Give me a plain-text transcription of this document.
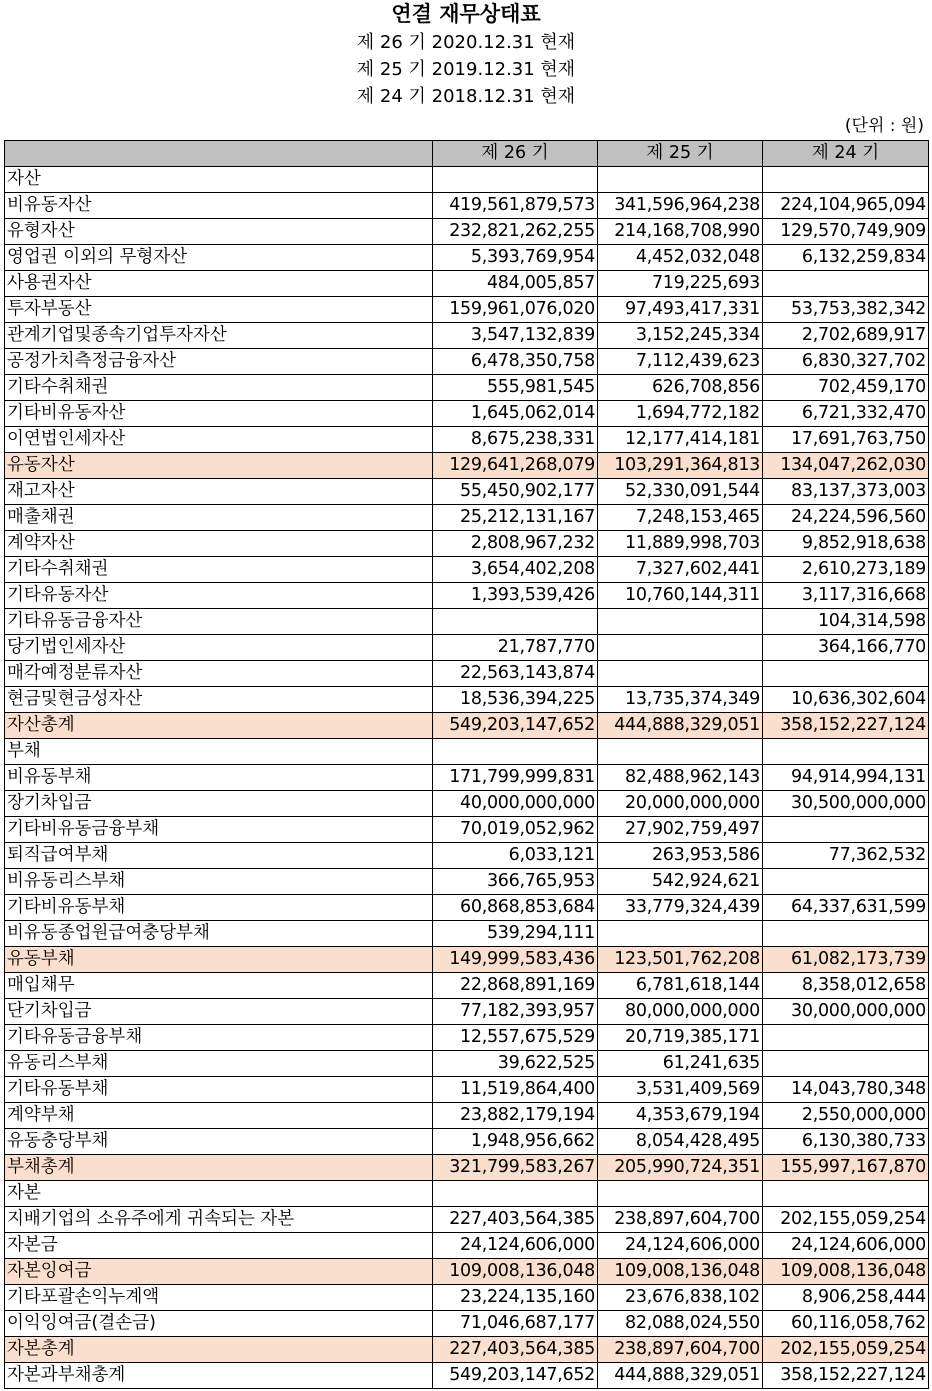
연결 재무상태표
제 26 기 2020.12.31 현재
제 25 기 2019.12.31 현재
제 24 기 2018.12.31 현재
(단위 : 원)
	제 26 기	제 25 기	제 24 기
자산			
비유동자산	419,561,879,573	341,596,964,238	224,104,965,094
유형자산	232,821,262,255	214,168,708,990	129,570,749,909
영업권 이외의 무형자산	5,393,769,954	4,452,032,048	6,132,259,834
사용권자산	484,005,857	719,225,693	
투자부동산	159,961,076,020	97,493,417,331	53,753,382,342
관계기업및종속기업투자자산	3,547,132,839	3,152,245,334	2,702,689,917
공정가치측정금융자산	6,478,350,758	7,112,439,623	6,830,327,702
기타수취채권	555,981,545	626,708,856	702,459,170
기타비유동자산	1,645,062,014	1,694,772,182	6,721,332,470
이연법인세자산	8,675,238,331	12,177,414,181	17,691,763,750
유동자산	129,641,268,079	103,291,364,813	134,047,262,030
재고자산	55,450,902,177	52,330,091,544	83,137,373,003
매출채권	25,212,131,167	7,248,153,465	24,224,596,560
계약자산	2,808,967,232	11,889,998,703	9,852,918,638
기타수취채권	3,654,402,208	7,327,602,441	2,610,273,189
기타유동자산	1,393,539,426	10,760,144,311	3,117,316,668
기타유동금융자산			104,314,598
당기법인세자산	21,787,770		364,166,770
매각예정분류자산	22,563,143,874		
현금및현금성자산	18,536,394,225	13,735,374,349	10,636,302,604
자산총계	549,203,147,652	444,888,329,051	358,152,227,124
부채			
비유동부채	171,799,999,831	82,488,962,143	94,914,994,131
장기차입금	40,000,000,000	20,000,000,000	30,500,000,000
기타비유동금융부채	70,019,052,962	27,902,759,497	
퇴직급여부채	6,033,121	263,953,586	77,362,532
비유동리스부채	366,765,953	542,924,621	
기타비유동부채	60,868,853,684	33,779,324,439	64,337,631,599
비유동종업원급여충당부채	539,294,111		
유동부채	149,999,583,436	123,501,762,208	61,082,173,739
매입채무	22,868,891,169	6,781,618,144	8,358,012,658
단기차입금	77,182,393,957	80,000,000,000	30,000,000,000
기타유동금융부채	12,557,675,529	20,719,385,171	
유동리스부채	39,622,525	61,241,635	
기타유동부채	11,519,864,400	3,531,409,569	14,043,780,348
계약부채	23,882,179,194	4,353,679,194	2,550,000,000
유동충당부채	1,948,956,662	8,054,428,495	6,130,380,733
부채총계	321,799,583,267	205,990,724,351	155,997,167,870
자본			
지배기업의 소유주에게 귀속되는 자본	227,403,564,385	238,897,604,700	202,155,059,254
자본금	24,124,606,000	24,124,606,000	24,124,606,000
자본잉여금	109,008,136,048	109,008,136,048	109,008,136,048
기타포괄손익누계액	23,224,135,160	23,676,838,102	8,906,258,444
이익잉여금(결손금)	71,046,687,177	82,088,024,550	60,116,058,762
자본총계	227,403,564,385	238,897,604,700	202,155,059,254
자본과부채총계	549,203,147,652	444,888,329,051	358,152,227,124
